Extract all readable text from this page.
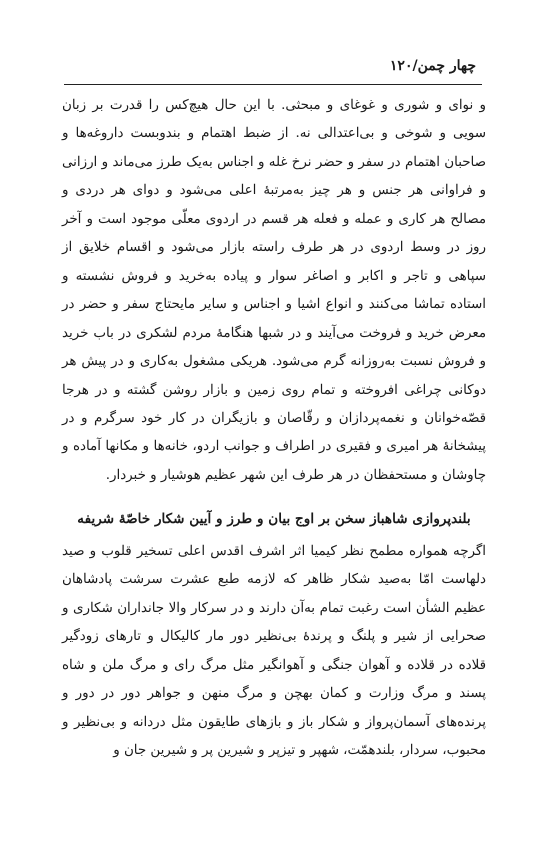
چهار چمن/۱۲۰

و نوای و شوری و غوغای و مبحثی. با این حال هیچ‌کس را قدرت بر زبان سویی و شوخی و بی‌اعتدالی نه. از ضبط اهتمام و بندوبست داروغه‌ها و صاحبان اهتمام در سفر و حضر نرخ غله و اجناس به‌یک طرز می‌ماند و ارزانی و فراوانی هر جنس و هر چیز به‌مرتبهٔ اعلی می‌شود و دوای هر دردی و مصالح هر کاری و عمله و فعله هر قسم در اردوی معلّی موجود است و آخر روز در وسط اردوی در هر طرف راسته بازار می‌شود و اقسام خلایق از سپاهی و تاجر و اکابر و اصاغر سوار و پیاده به‌خرید و فروش نشسته و استاده تماشا می‌کنند و انواع اشیا و اجناس و سایر مایحتاج سفر و حضر در معرض خرید و فروخت می‌آیند و در شبها هنگامهٔ مردم لشکری در باب خرید و فروش نسبت به‌روزانه گرم می‌شود. هریکی مشغول به‌کاری و در پیش هر دوکانی چراغی افروخته و تمام روی زمین و بازار روشن گشته و در هرجا قصّه‌خوانان و نغمه‌پردازان و رقّاصان و بازیگران در کار خود سرگرم و در پیشخانهٔ هر امیری و فقیری در اطراف و جوانب اردو، خانه‌ها و مکانها آماده و چاوشان و مستحفظان در هر طرف این شهر عظیم هوشیار و خبردار.

بلندپروازی شاهباز سخن بر اوج بیان و طرز و آیین شکار خاصّهٔ شریفه

اگرچه همواره مطمح نظر کیمیا اثر اشرف اقدس اعلی تسخیر قلوب و صید دلهاست امّا به‌صید شکار ظاهر که لازمه طبع عشرت سرشت پادشاهان عظیم الشأن است رغبت تمام به‌آن دارند و در سرکار والا جانداران شکاری و صحرایی از شیر و پلنگ و پرندهٔ بی‌نظیر دور مار کالیکال و تارهای زودگیر قلاده در قلاده و آهوان جنگی و آهوانگیر مثل مرگ رای و مرگ ملن و شاه پسند و مرگ وزارت و کمان بهچن و مرگ منهن و جواهر دور در دور و پرنده‌های آسمان‌پرواز و شکار باز و بازهای طایقون مثل دردانه و بی‌نظیر و محبوب، سردار، بلندهمّت، شهپر و تیزپر و شیرین پر و شیرین جان و
